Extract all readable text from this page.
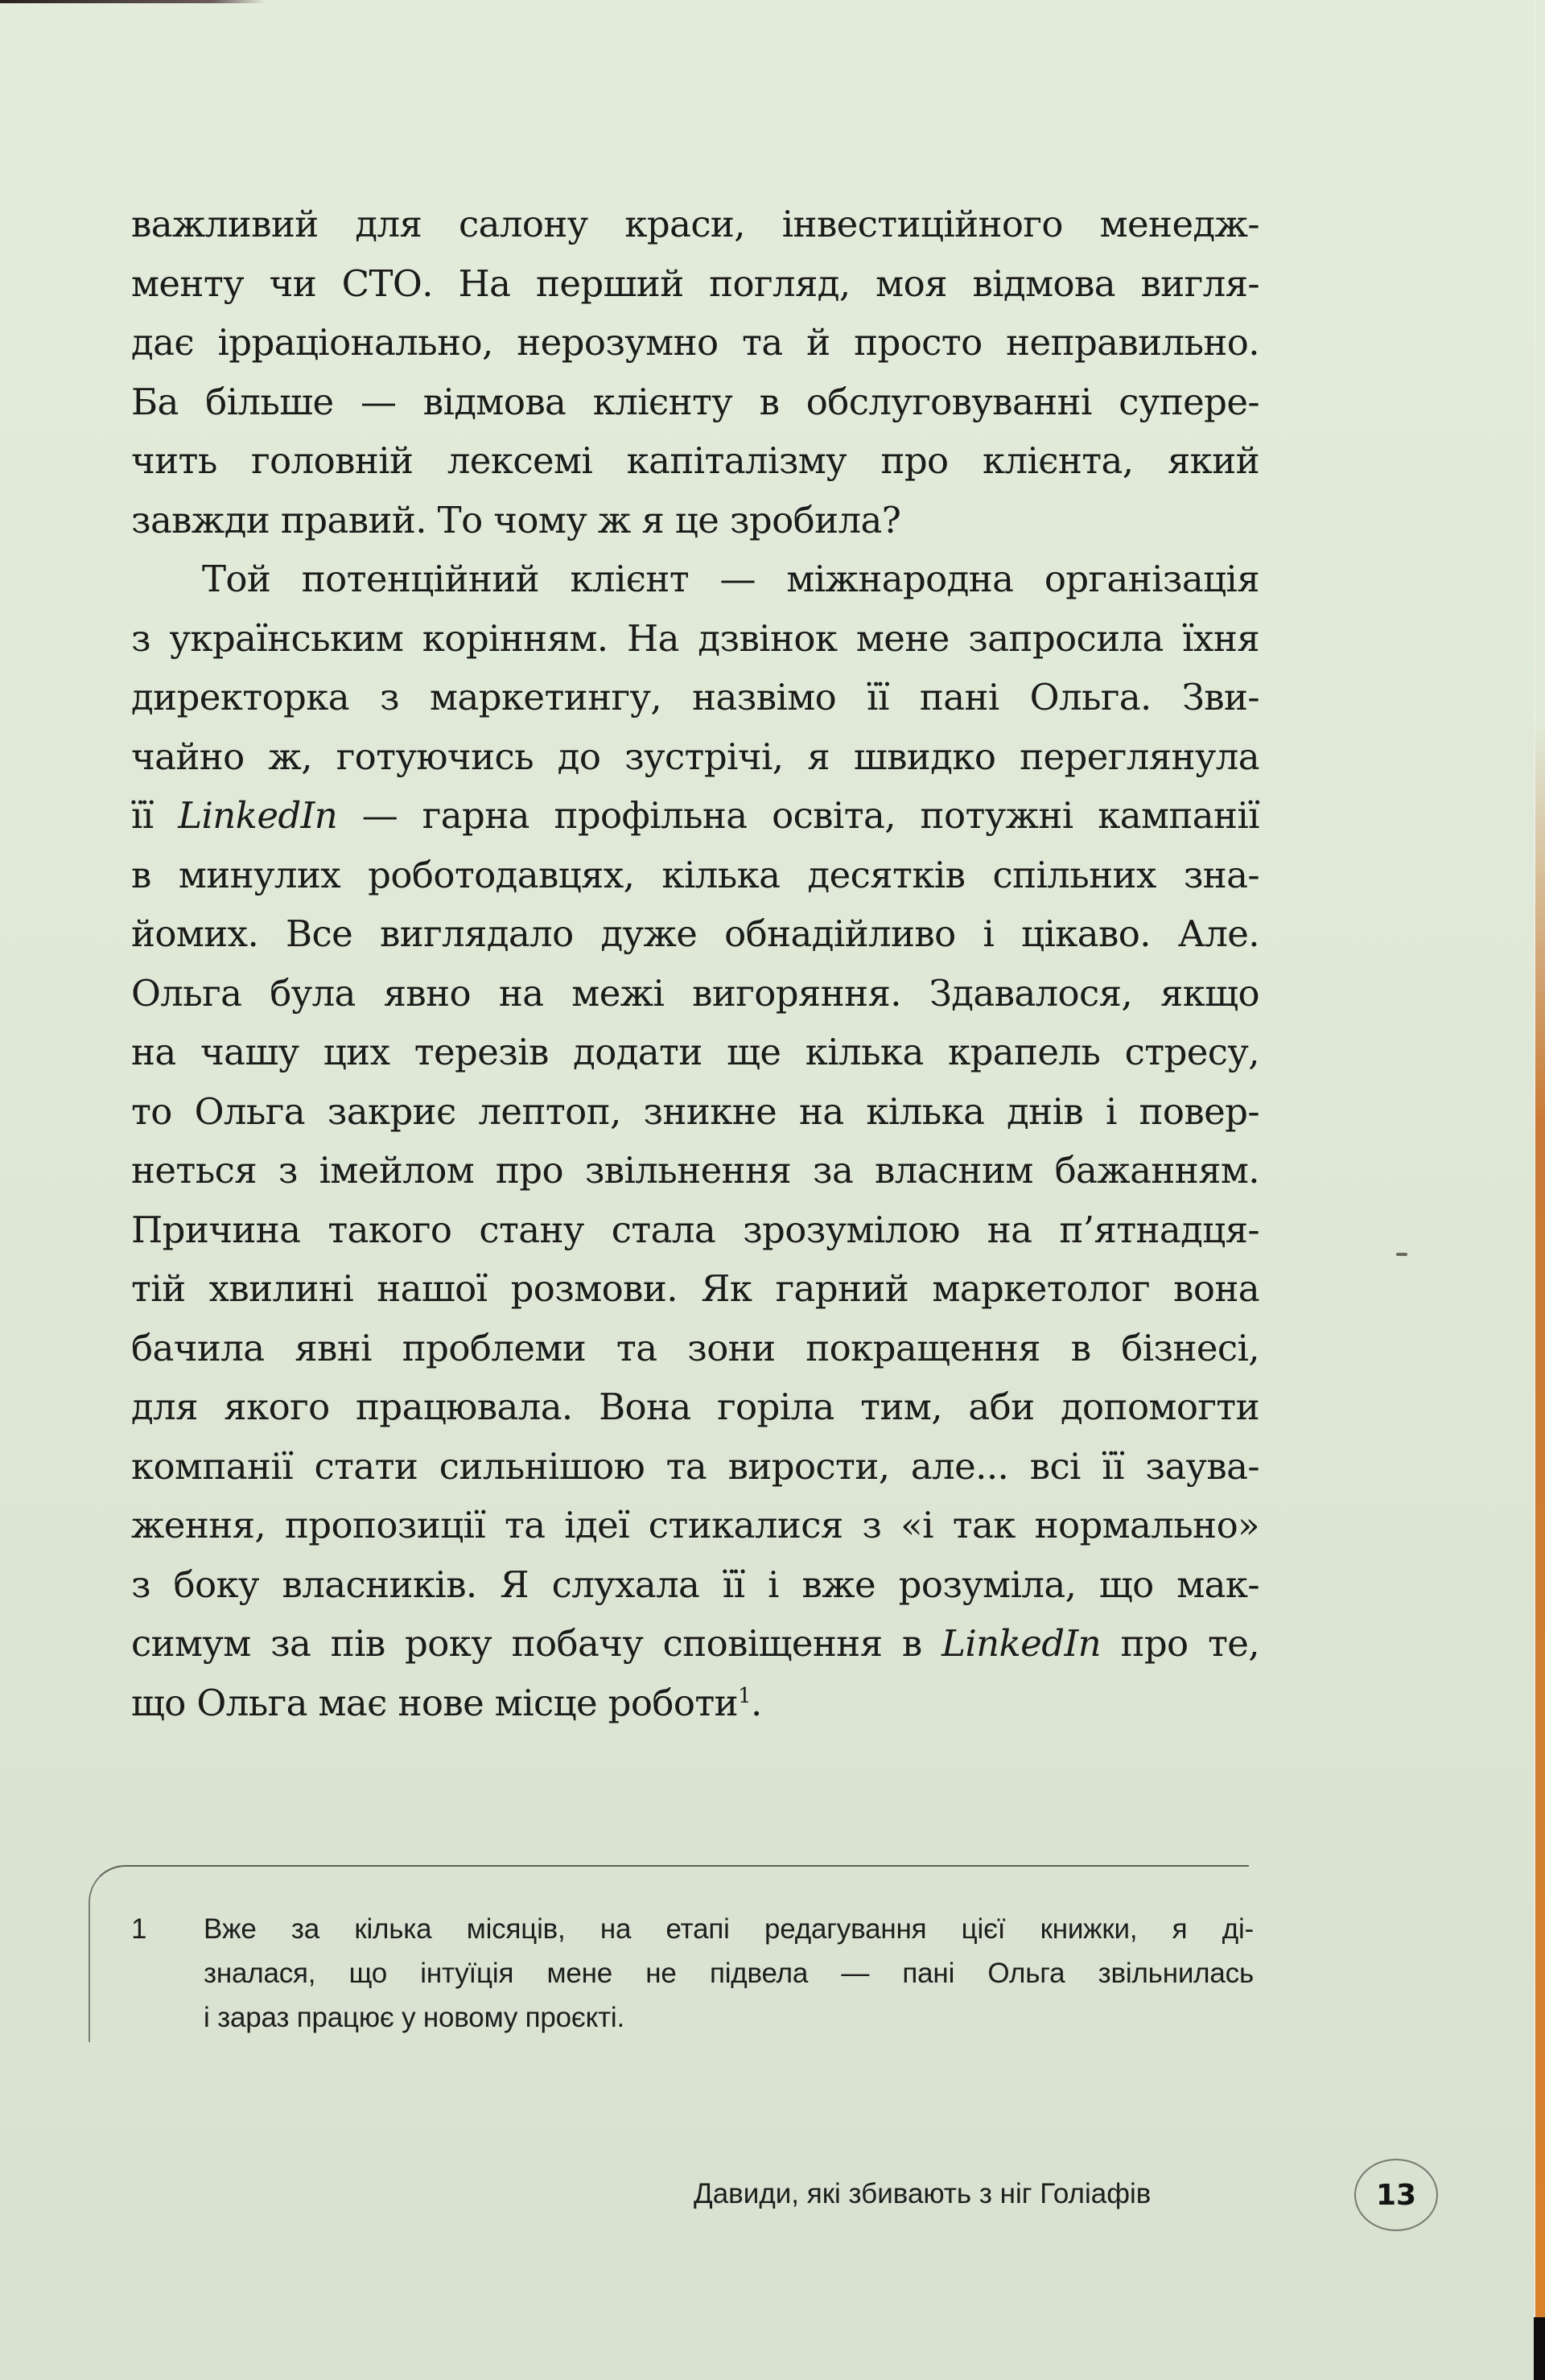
важливий для салону краси, інвестиційного менедж-
менту чи СТО. На перший погляд, моя відмова вигля-
дає ірраціонально, нерозумно та й просто неправильно.
Ба більше — відмова клієнту в обслуговуванні супере-
чить головній лексемі капіталізму про клієнта, який
завжди правий. То чому ж я це зробила?
Той потенційний клієнт — міжнародна організація
з українським корінням. На дзвінок мене запросила їхня
директорка з маркетингу, назвімо її пані Ольга. Зви-
чайно ж, готуючись до зустрічі, я швидко переглянула
її LinkedIn — гарна профільна освіта, потужні кампанії
в минулих роботодавцях, кілька десятків спільних зна-
йомих. Все виглядало дуже обнадійливо і цікаво. Але.
Ольга була явно на межі вигоряння. Здавалося, якщо
на чашу цих терезів додати ще кілька крапель стресу,
то Ольга закриє лептоп, зникне на кілька днів і повер-
неться з імейлом про звільнення за власним бажанням.
Причина такого стану стала зрозумілою на п’ятнадця-
тій хвилині нашої розмови. Як гарний маркетолог вона
бачила явні проблеми та зони покращення в бізнесі,
для якого працювала. Вона горіла тим, аби допомогти
компанії стати сильнішою та вирости, але... всі її заува-
ження, пропозиції та ідеї стикалися з «і так нормально»
з боку власників. Я слухала її і вже розуміла, що мак-
симум за пів року побачу сповіщення в LinkedIn про те,
що Ольга має нове місце роботи$^1$.
1	Вже за кілька місяців, на етапі редагування цієї книжки, я ді-
зналася, що інтуїція мене не підвела — пані Ольга звільнилась
і зараз працює у новому проєкті.
Давиди, які збивають з ніг Голіафів	13
